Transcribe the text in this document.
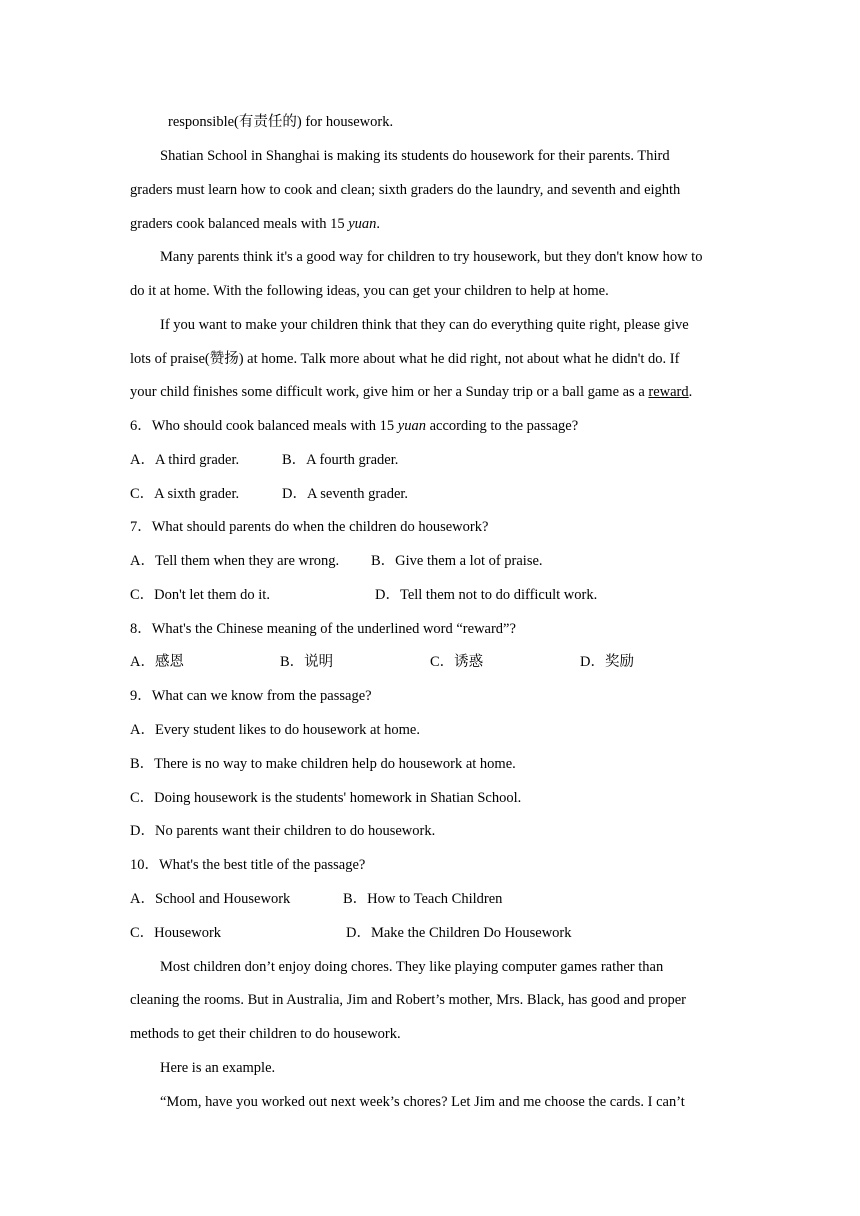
responsible(有责任的) for housework.
Shatian School in Shanghai is making its students do housework for their parents. Third
graders must learn how to cook and clean; sixth graders do the laundry, and seventh and eighth
graders cook balanced meals with 15 yuan.
Many parents think it's a good way for children to try housework, but they don't know how to
do it at home. With the following ideas, you can get your children to help at home.
If you want to make your children think that they can do everything quite right, please give
lots of praise(赞扬) at home. Talk more about what he did right, not about what he didn't do. If
your child finishes some difficult work, give him or her a Sunday trip or a ball game as a reward.
6．Who should cook balanced meals with 15 yuan according to the passage?
A．A third grader.	B．A fourth grader.
C．A sixth grader.	D．A seventh grader.
7．What should parents do when the children do housework?
A．Tell them when they are wrong. B．Give them a lot of praise.
C．Don't let them do it.	D．Tell them not to do difficult work.
8．What's the Chinese meaning of the underlined word “reward”?
A．感恩	B．说明	C．诱惑	D．奖励
9．What can we know from the passage?
A．Every student likes to do housework at home.
B．There is no way to make children help do housework at home.
C．Doing housework is the students' homework in Shatian School.
D．No parents want their children to do housework.
10．What's the best title of the passage?
A．School and Housework	B．How to Teach Children
C．Housework	D．Make the Children Do Housework
Most children don’t enjoy doing chores. They like playing computer games rather than
cleaning the rooms. But in Australia, Jim and Robert’s mother, Mrs. Black, has good and proper
methods to get their children to do housework.
Here is an example.
“Mom, have you worked out next week’s chores? Let Jim and me choose the cards. I can’t
